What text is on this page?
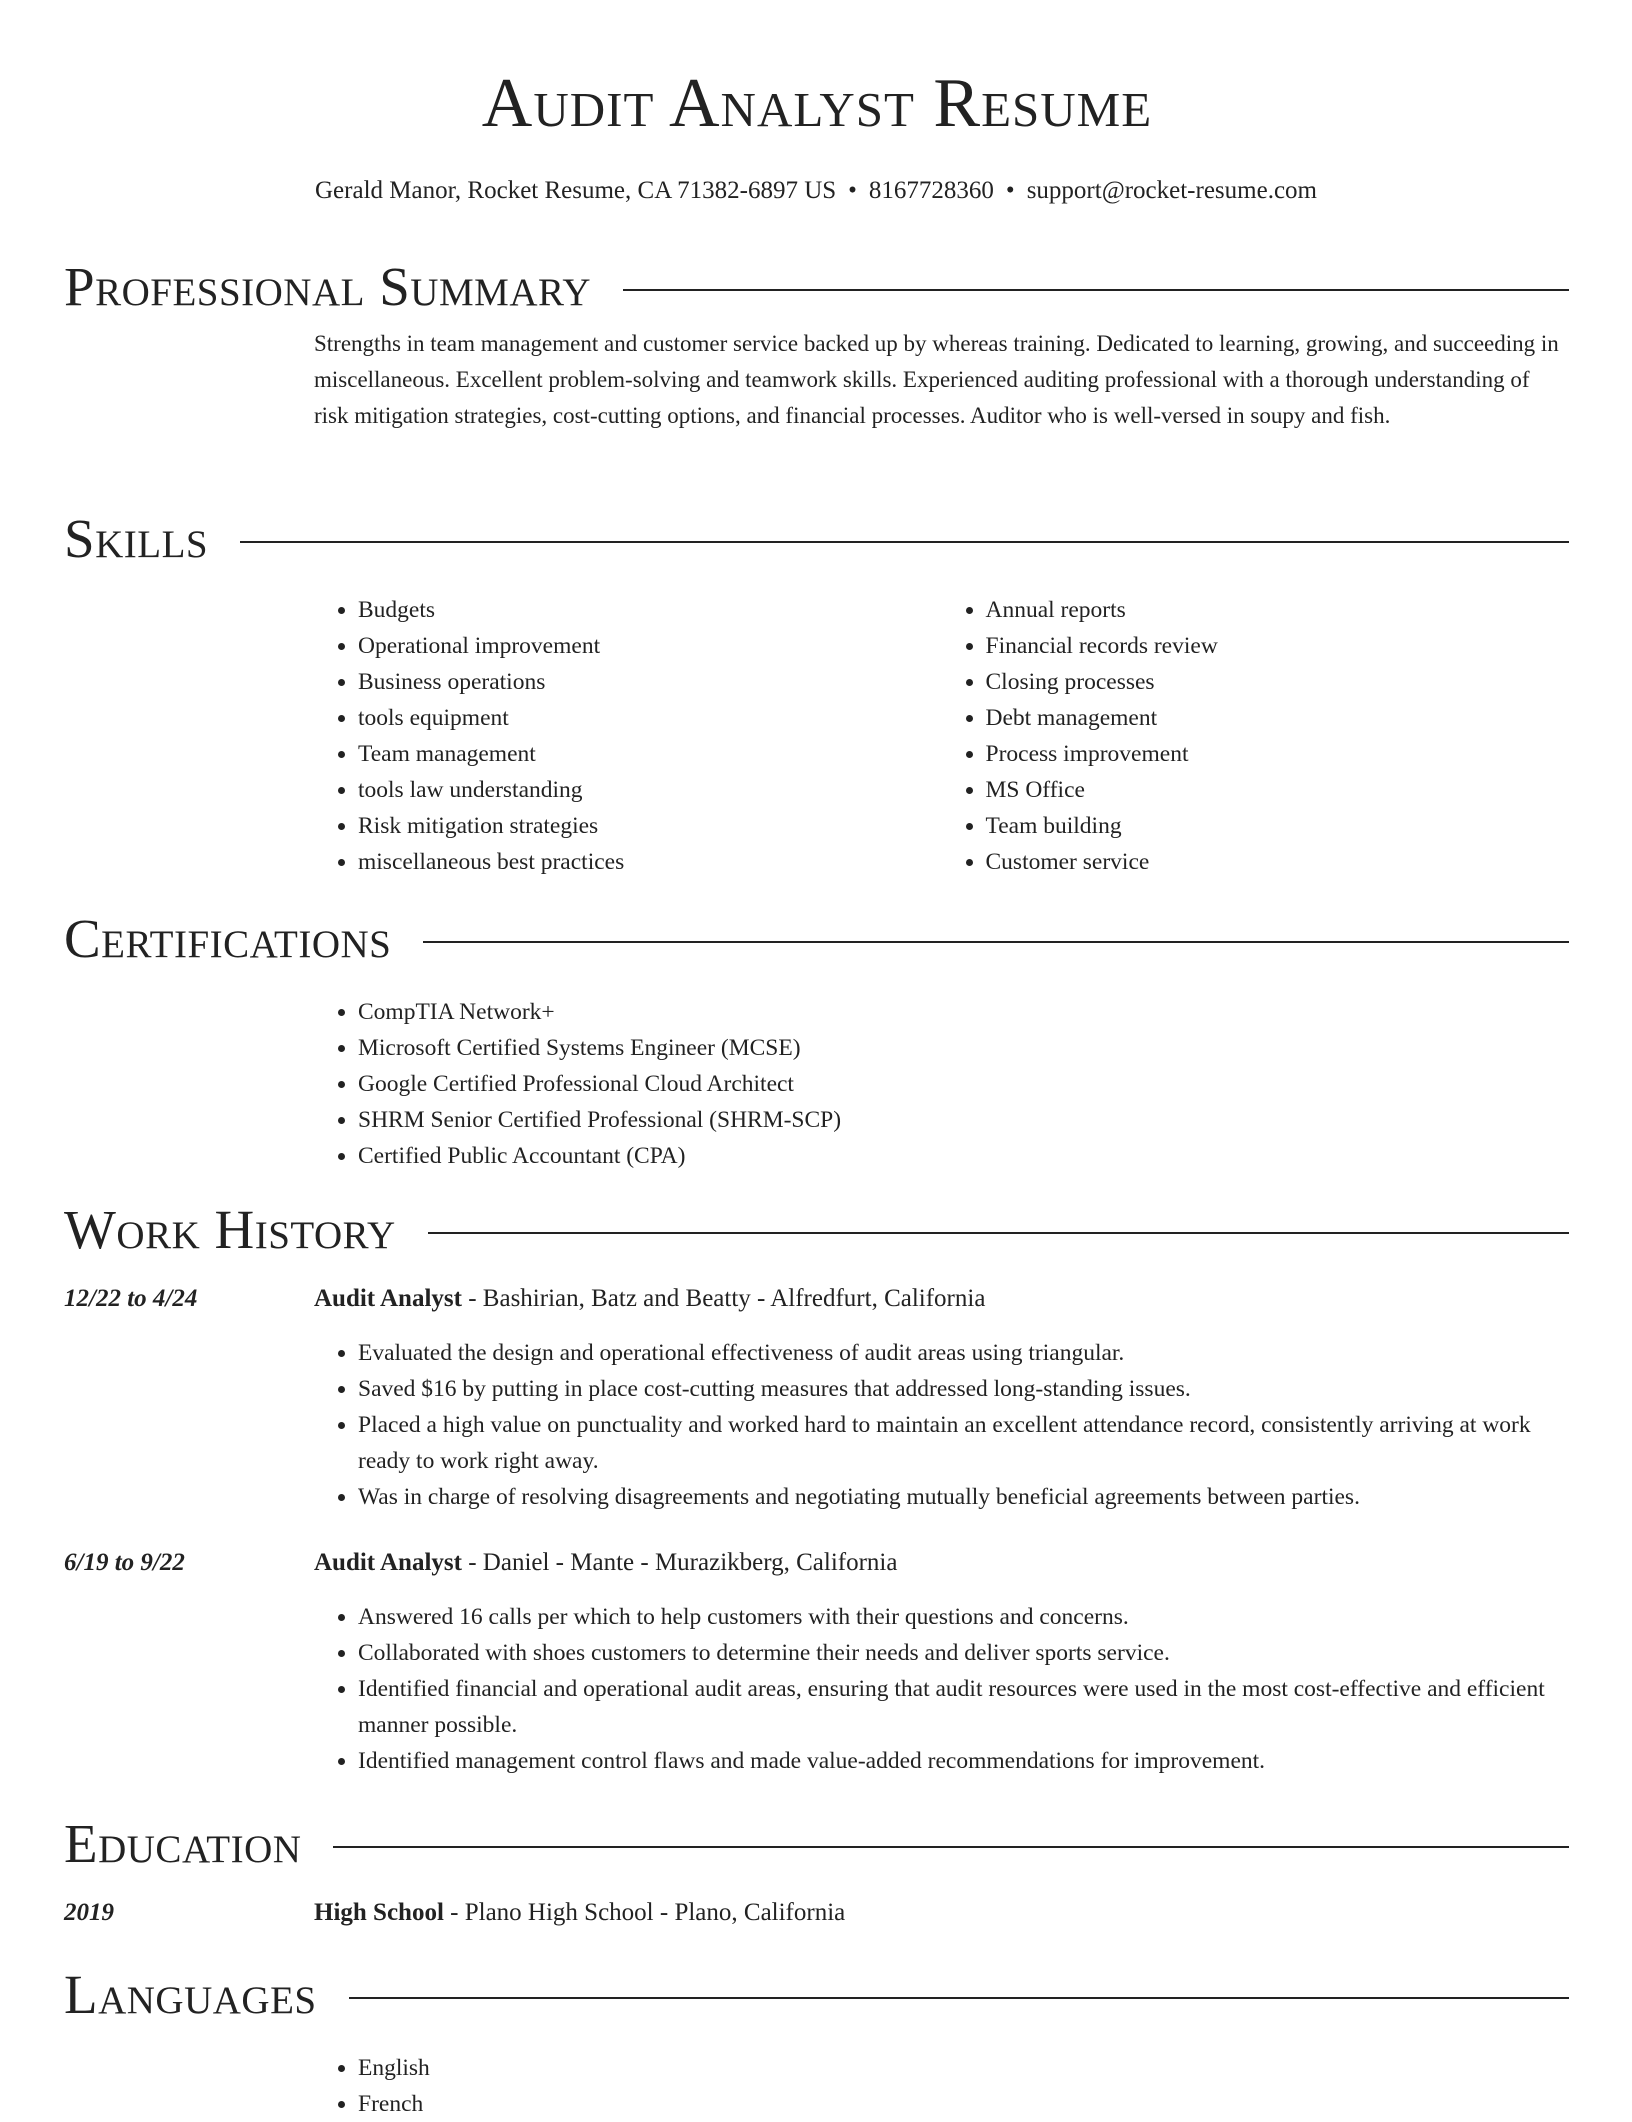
Audit Analyst Resume
Gerald Manor, Rocket Resume, CA 71382-6897 US • 8167728360 • support@rocket-resume.com
Professional Summary

Strengths in team management and customer service backed up by whereas training. Dedicated to learning, growing, and succeeding in miscellaneous. Excellent problem-solving and teamwork skills. Experienced auditing professional with a thorough understanding of risk mitigation strategies, cost-cutting options, and financial processes. Auditor who is well-versed in soupy and fish.

Skills
• Budgets
• Operational improvement
• Business operations
• tools equipment
• Team management
• tools law understanding
• Risk mitigation strategies
• miscellaneous best practices
• Annual reports
• Financial records review
• Closing processes
• Debt management
• Process improvement
• MS Office
• Team building
• Customer service
Certifications
• CompTIA Network+
• Microsoft Certified Systems Engineer (MCSE)
• Google Certified Professional Cloud Architect
• SHRM Senior Certified Professional (SHRM-SCP)
• Certified Public Accountant (CPA)
Work History
12/22 to 4/24	Audit Analyst - Bashirian, Batz and Beatty - Alfredfurt, California
• Evaluated the design and operational effectiveness of audit areas using triangular.
• Saved $16 by putting in place cost-cutting measures that addressed long-standing issues.
• Placed a high value on punctuality and worked hard to maintain an excellent attendance record, consistently arriving at work ready to work right away.
• Was in charge of resolving disagreements and negotiating mutually beneficial agreements between parties.
6/19 to 9/22	Audit Analyst - Daniel - Mante - Murazikberg, California
• Answered 16 calls per which to help customers with their questions and concerns.
• Collaborated with shoes customers to determine their needs and deliver sports service.
• Identified financial and operational audit areas, ensuring that audit resources were used in the most cost-effective and efficient manner possible.
• Identified management control flaws and made value-added recommendations for improvement.
Education
2019	High School - Plano High School - Plano, California
Languages
• English
• French
